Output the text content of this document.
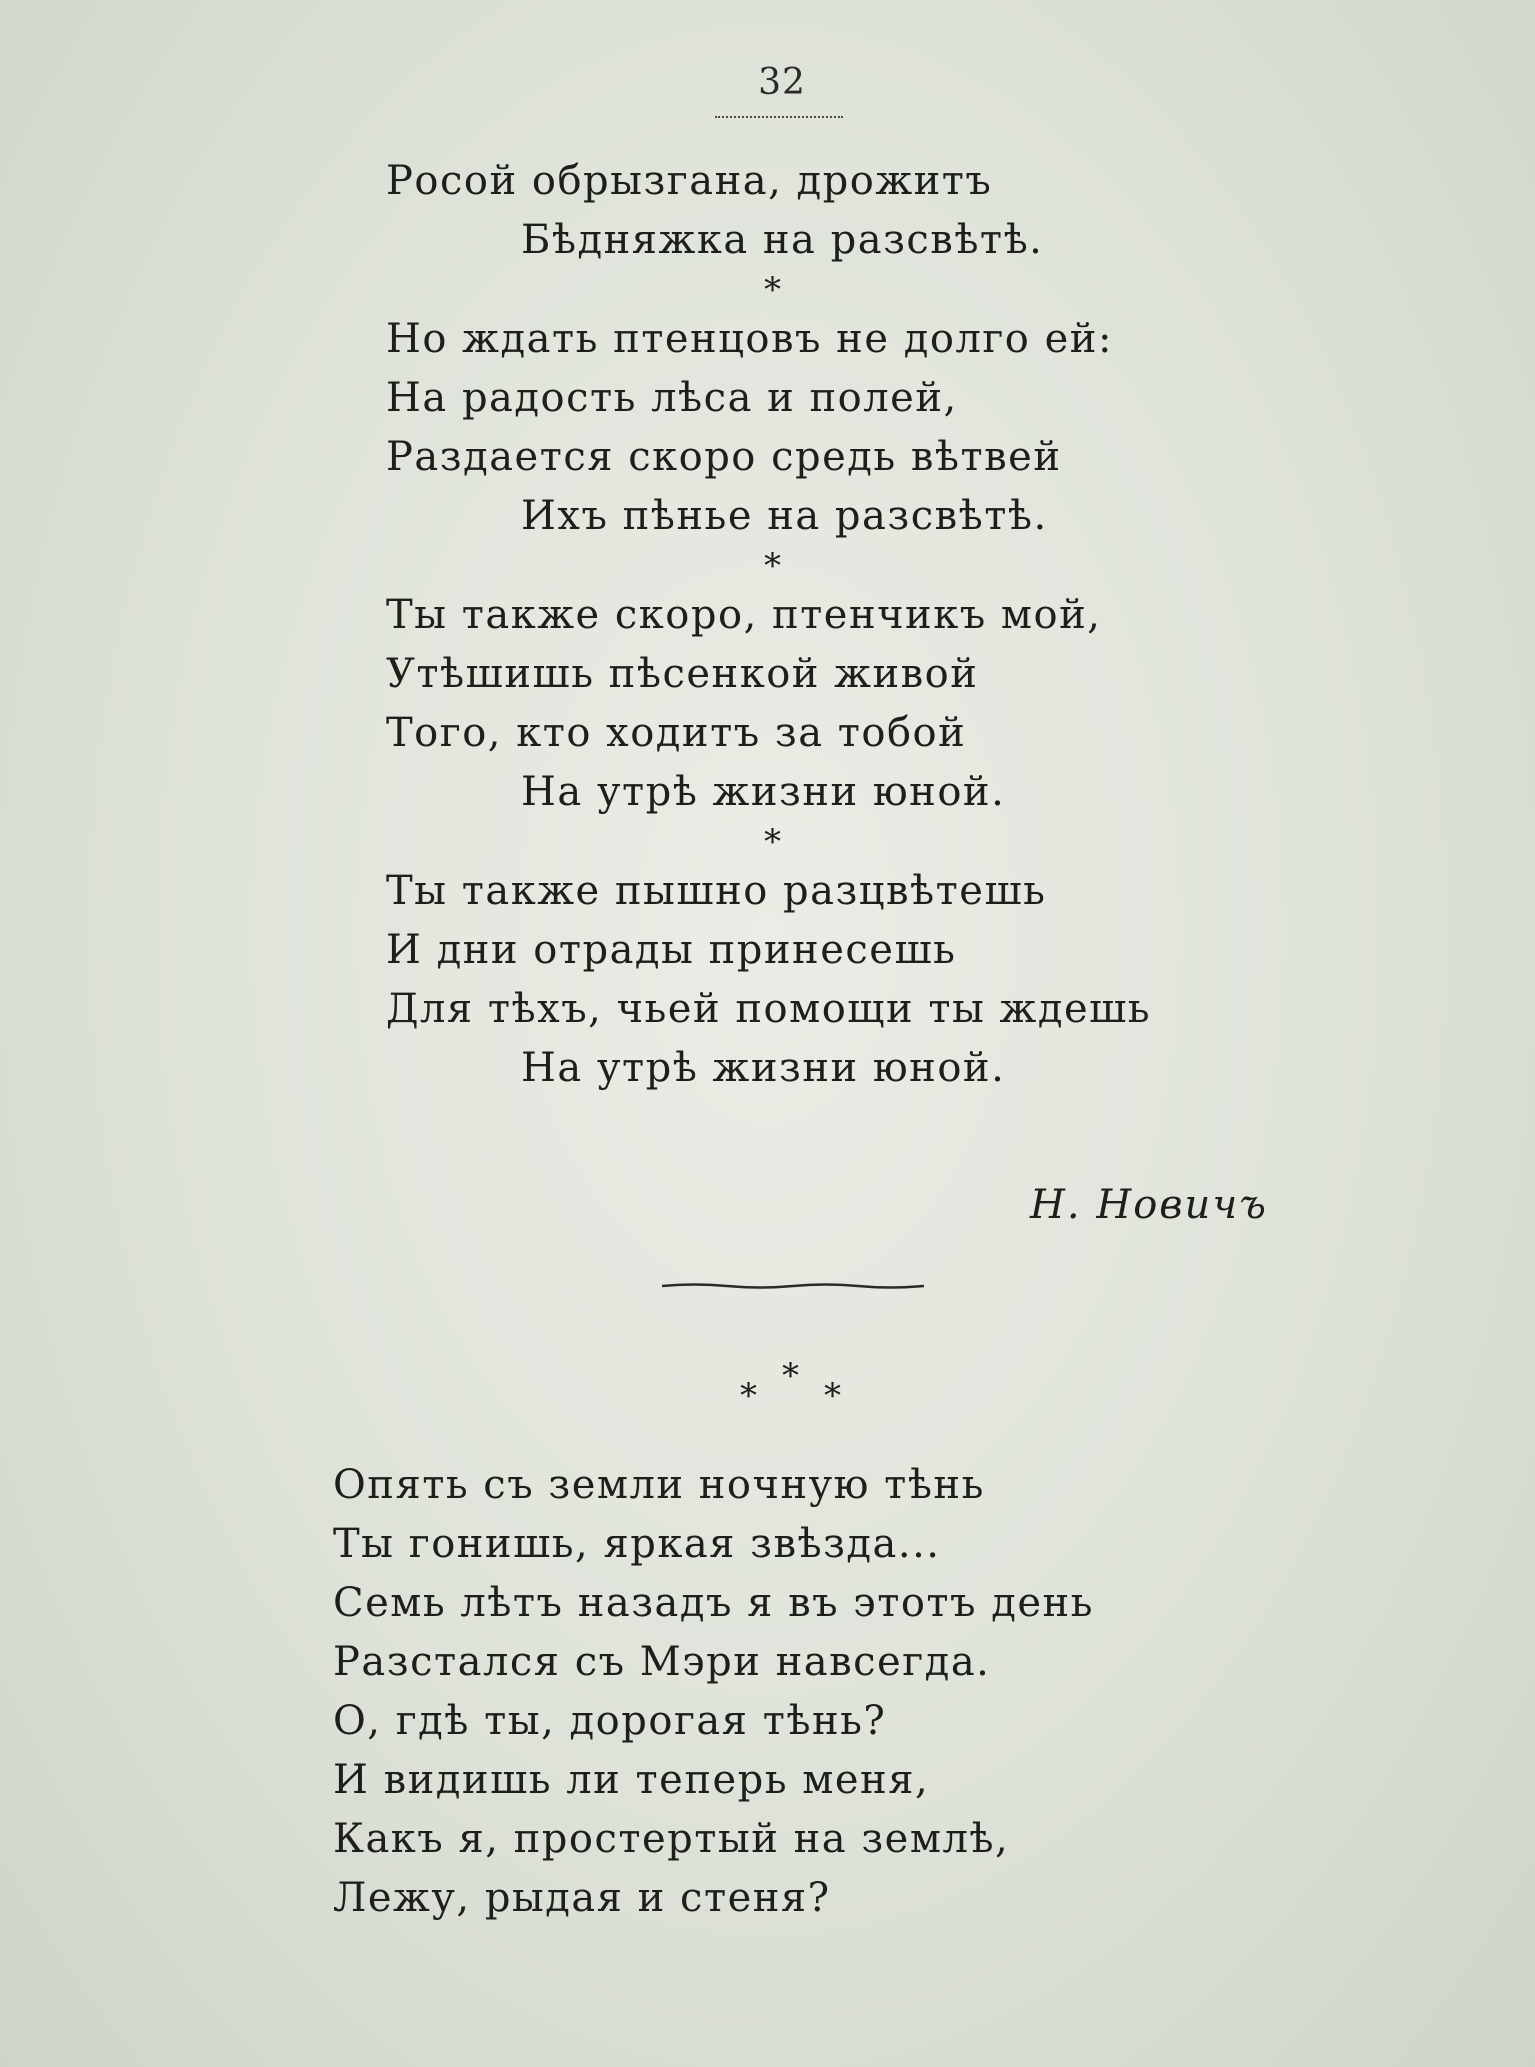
32
Росой обрызгана, дрожитъ
Бѣдняжка на разсвѣтѣ.
*
Но ждать птенцовъ не долго ей:
На радость лѣса и полей,
Раздается скоро средь вѣтвей
Ихъ пѣнье на разсвѣтѣ.
*
Ты также скоро, птенчикъ мой,
Утѣшишь пѣсенкой живой
Того, кто ходитъ за тобой
На утрѣ жизни юной.
*
Ты также пышно разцвѣтешь
И дни отрады принесешь
Для тѣхъ, чьей помощи ты ждешь
На утрѣ жизни юной.
Н. Новичъ
* * *
Опять съ земли ночную тѣнь
Ты гонишь, яркая звѣзда...
Семь лѣтъ назадъ я въ этотъ день
Разстался съ Мэри навсегда.
О, гдѣ ты, дорогая тѣнь?
И видишь ли теперь меня,
Какъ я, простертый на землѣ,
Лежу, рыдая и стеня?
